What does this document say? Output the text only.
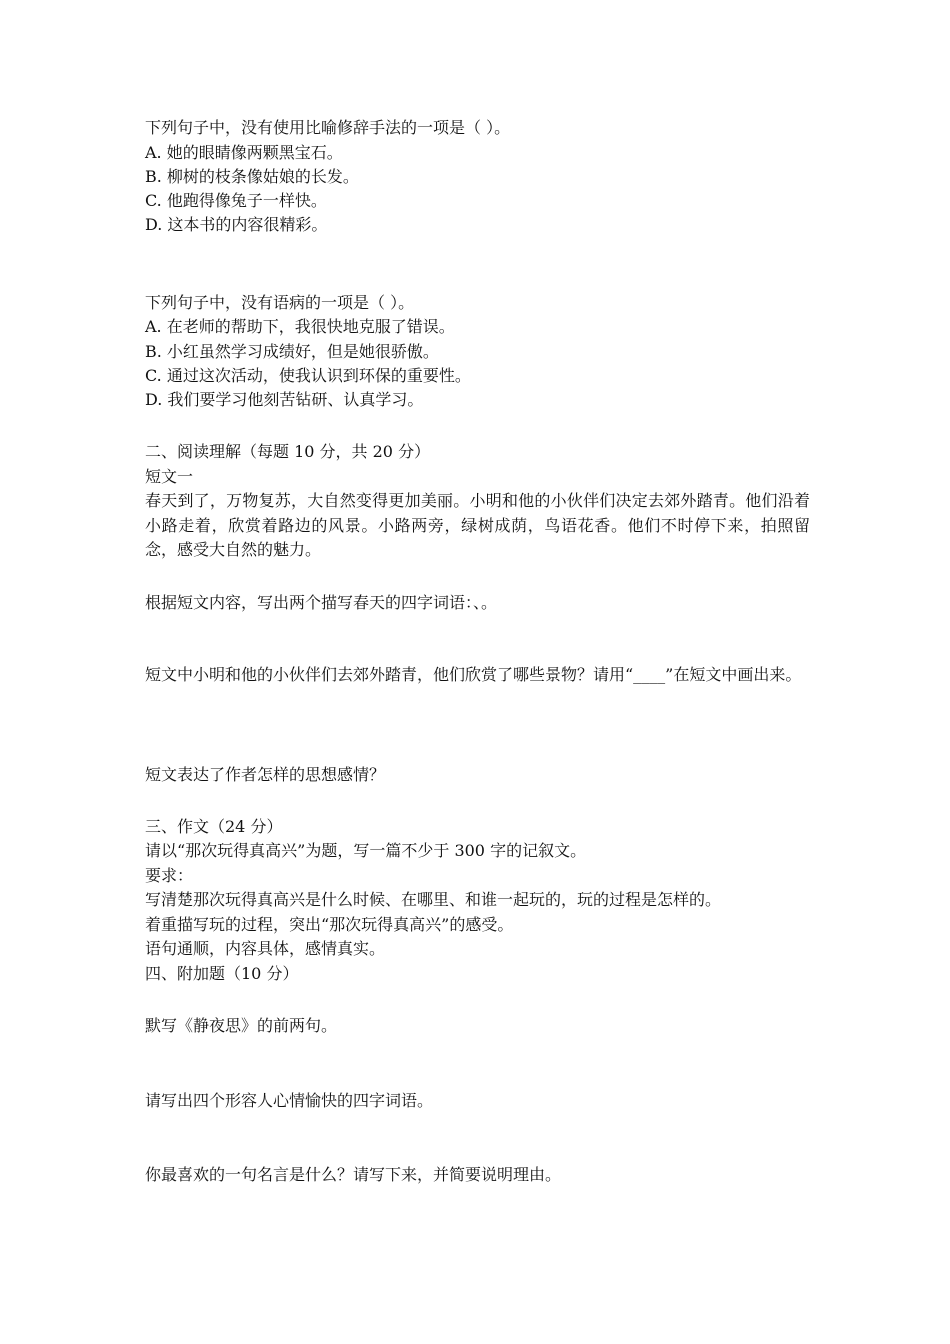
下列句子中，没有使用比喻修辞手法的一项是（ ）。
A. 她的眼睛像两颗黑宝石。
B. 柳树的枝条像姑娘的长发。
C. 他跑得像兔子一样快。
D. 这本书的内容很精彩。
下列句子中，没有语病的一项是（ ）。
A. 在老师的帮助下，我很快地克服了错误。
B. 小红虽然学习成绩好，但是她很骄傲。
C. 通过这次活动，使我认识到环保的重要性。
D. 我们要学习他刻苦钻研、认真学习。
二、阅读理解（每题 10 分，共 20 分）
短文一
春天到了，万物复苏，大自然变得更加美丽。小明和他的小伙伴们决定去郊外踏青。他们沿着小路走着，欣赏着路边的风景。小路两旁，绿树成荫，鸟语花香。他们不时停下来，拍照留念，感受大自然的魅力。
根据短文内容，写出两个描写春天的四字词语：、。
短文中小明和他的小伙伴们去郊外踏青，他们欣赏了哪些景物？请用“____”在短文中画出来。
短文表达了作者怎样的思想感情？
三、作文（24 分）
请以“那次玩得真高兴”为题，写一篇不少于 300 字的记叙文。
要求：
写清楚那次玩得真高兴是什么时候、在哪里、和谁一起玩的，玩的过程是怎样的。
着重描写玩的过程，突出“那次玩得真高兴”的感受。
语句通顺，内容具体，感情真实。
四、附加题（10 分）
默写《静夜思》的前两句。
请写出四个形容人心情愉快的四字词语。
你最喜欢的一句名言是什么？请写下来，并简要说明理由。
